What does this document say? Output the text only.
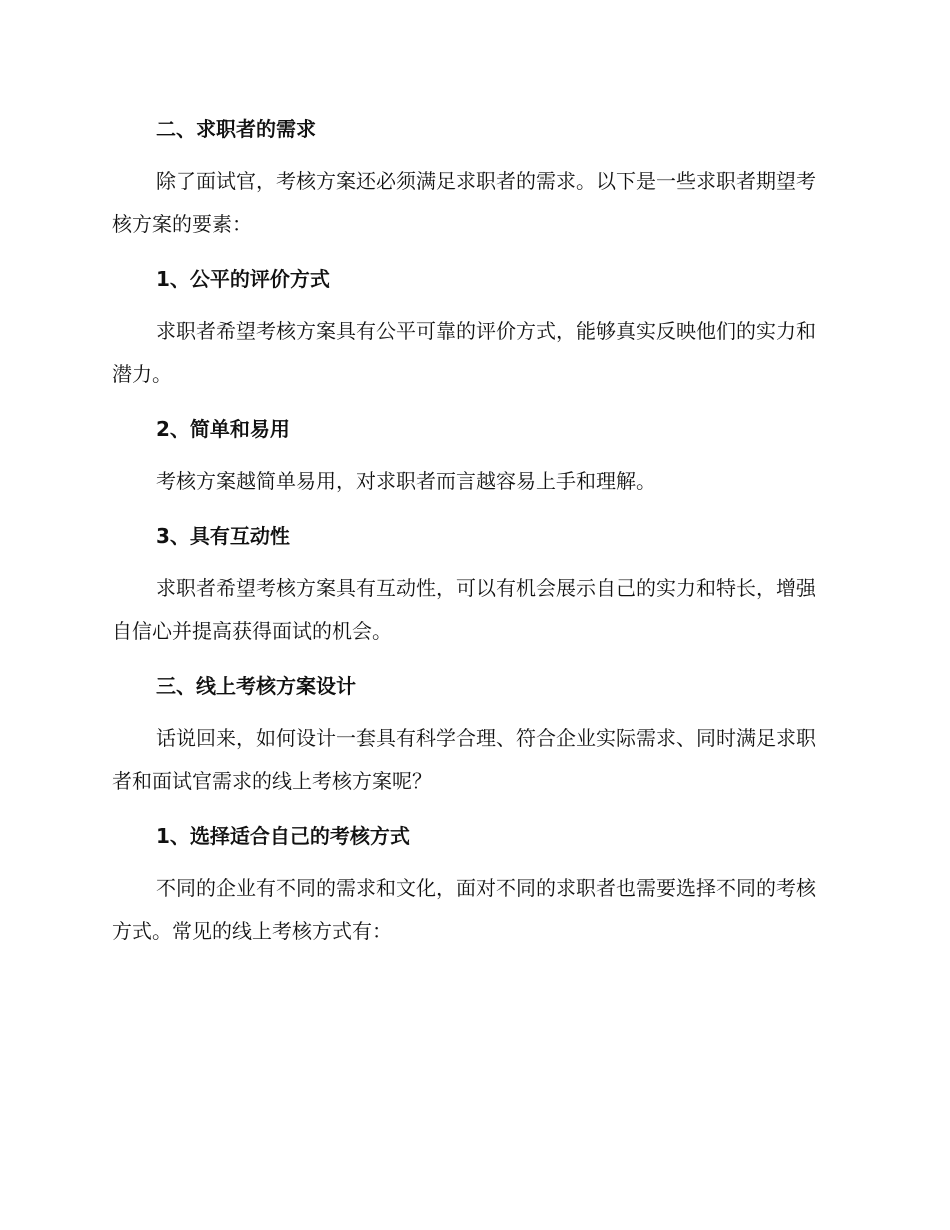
二、求职者的需求

除了面试官，考核方案还必须满足求职者的需求。以下是一些求职者期望考核方案的要素：

1、公平的评价方式

求职者希望考核方案具有公平可靠的评价方式，能够真实反映他们的实力和潜力。

2、简单和易用

考核方案越简单易用，对求职者而言越容易上手和理解。

3、具有互动性

求职者希望考核方案具有互动性，可以有机会展示自己的实力和特长，增强自信心并提高获得面试的机会。

三、线上考核方案设计

话说回来，如何设计一套具有科学合理、符合企业实际需求、同时满足求职者和面试官需求的线上考核方案呢？

1、选择适合自己的考核方式

不同的企业有不同的需求和文化，面对不同的求职者也需要选择不同的考核方式。常见的线上考核方式有：
